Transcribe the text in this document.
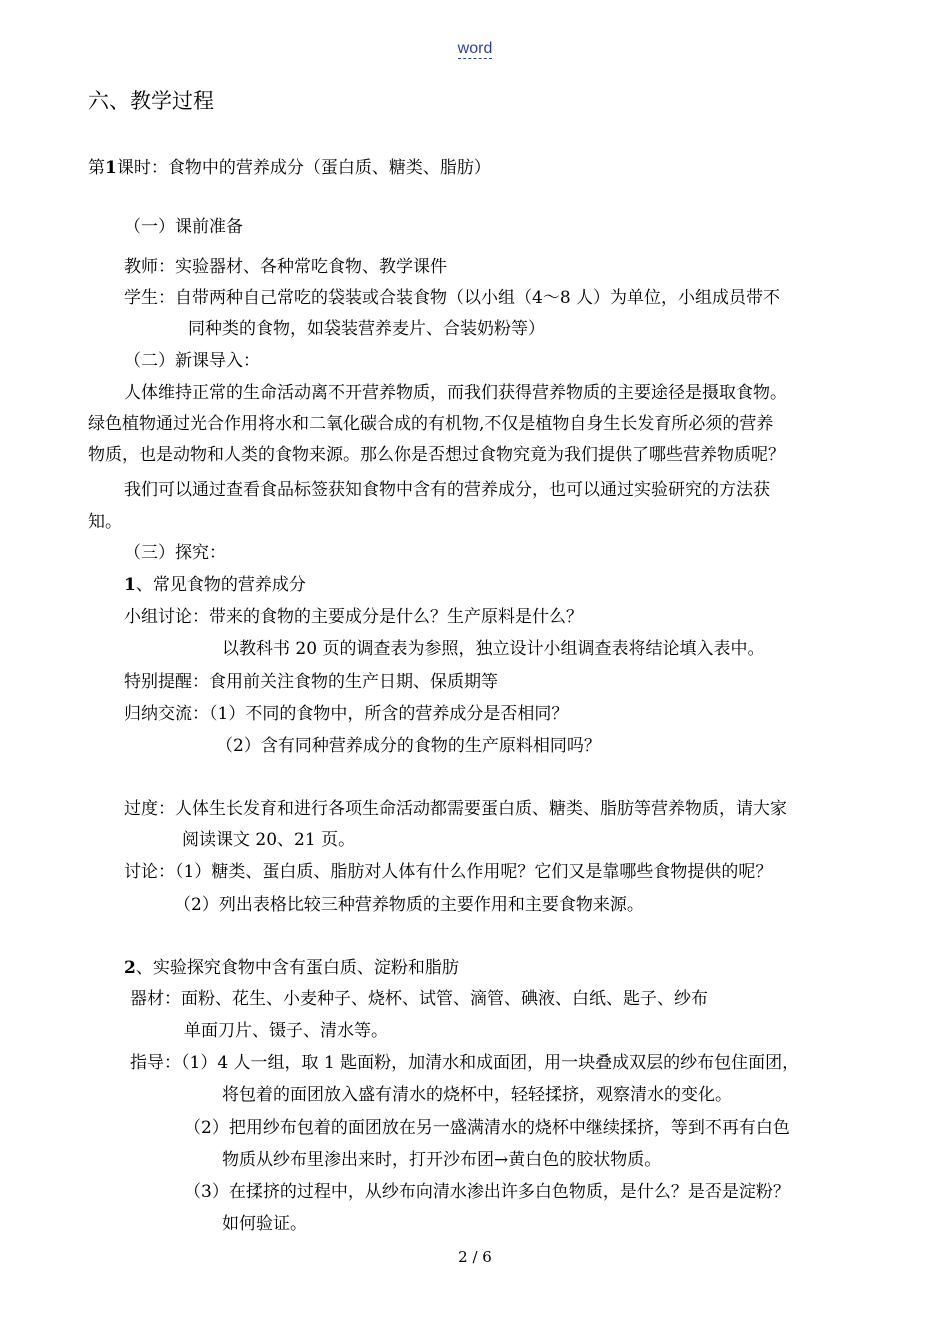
word
六、教学过程
第1课时：食物中的营养成分（蛋白质、糖类、脂肪）
（一）课前准备
教师：实验器材、各种常吃食物、教学课件
学生：自带两种自己常吃的袋装或合装食物（以小组（4～8 人）为单位，小组成员带不
同种类的食物，如袋装营养麦片、合装奶粉等）
（二）新课导入：
人体维持正常的生命活动离不开营养物质，而我们获得营养物质的主要途径是摄取食物。
绿色植物通过光合作用将水和二氧化碳合成的有机物,不仅是植物自身生长发育所必须的营养
物质，也是动物和人类的食物来源。那么你是否想过食物究竟为我们提供了哪些营养物质呢？
我们可以通过查看食品标签获知食物中含有的营养成分，也可以通过实验研究的方法获
知。
（三）探究：
1、常见食物的营养成分
小组讨论：带来的食物的主要成分是什么？生产原料是什么？
以教科书 20 页的调查表为参照，独立设计小组调查表将结论填入表中。
特别提醒：食用前关注食物的生产日期、保质期等
归纳交流：（1）不同的食物中，所含的营养成分是否相同？
（2）含有同种营养成分的食物的生产原料相同吗？
过度：人体生长发育和进行各项生命活动都需要蛋白质、糖类、脂肪等营养物质，请大家
阅读课文 20、21 页。
讨论：（1）糖类、蛋白质、脂肪对人体有什么作用呢？它们又是靠哪些食物提供的呢？
（2）列出表格比较三种营养物质的主要作用和主要食物来源。
2、实验探究食物中含有蛋白质、淀粉和脂肪
器材：面粉、花生、小麦种子、烧杯、试管、滴管、碘液、白纸、匙子、纱布
单面刀片、镊子、清水等。
指导：（1）4 人一组，取 1 匙面粉，加清水和成面团，用一块叠成双层的纱布包住面团，
将包着的面团放入盛有清水的烧杯中，轻轻揉挤，观察清水的变化。
（2）把用纱布包着的面团放在另一盛满清水的烧杯中继续揉挤，等到不再有白色
物质从纱布里渗出来时，打开沙布团→黄白色的胶状物质。
（3）在揉挤的过程中，从纱布向清水渗出许多白色物质，是什么？是否是淀粉？
如何验证。
2 / 6
